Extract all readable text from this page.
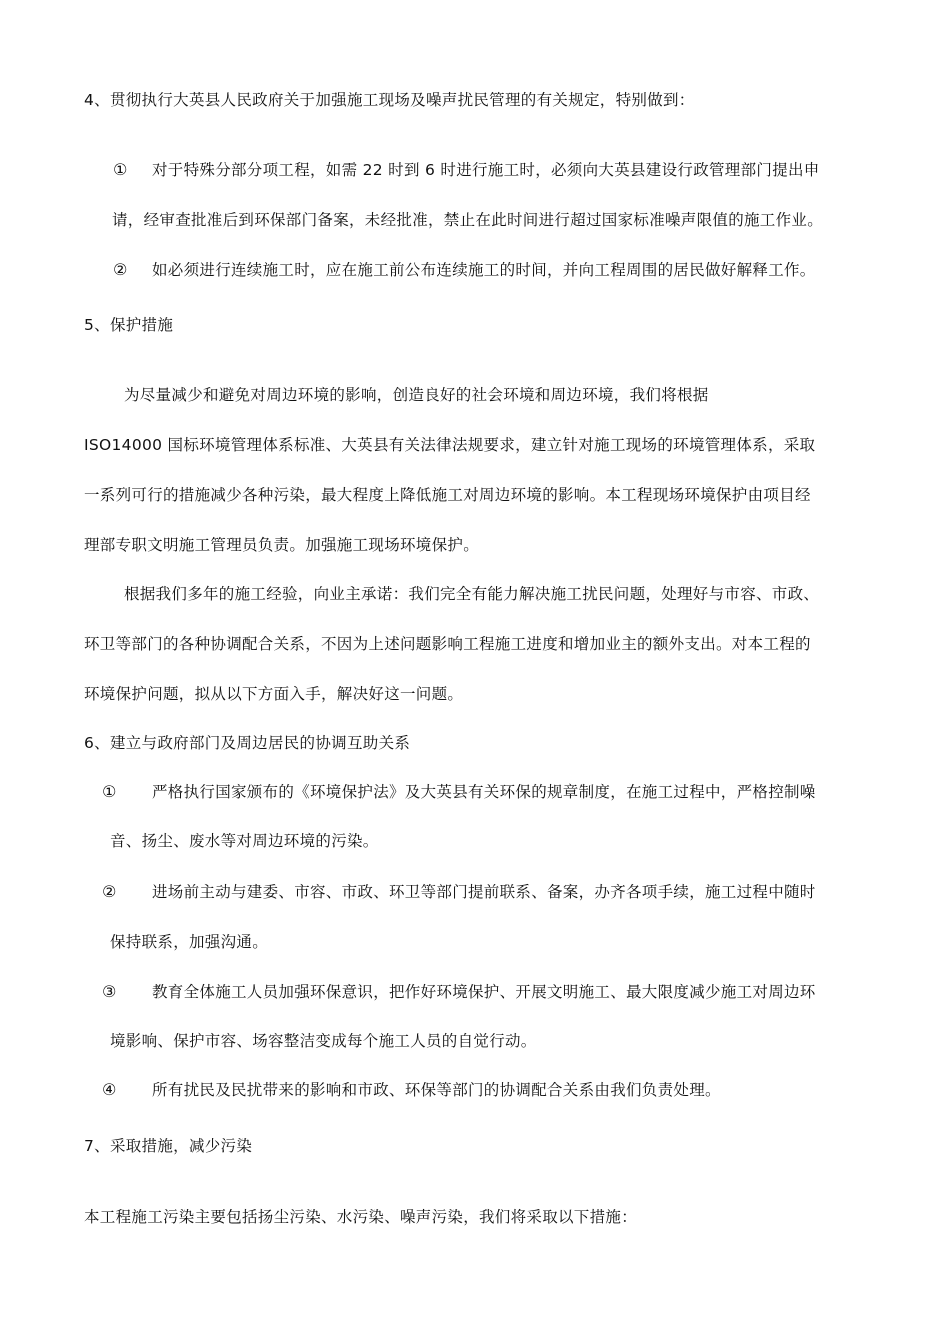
4、贯彻执行大英县人民政府关于加强施工现场及噪声扰民管理的有关规定，特别做到：
① 对于特殊分部分项工程，如需 22 时到 6 时进行施工时，必须向大英县建设行政管理部门提出申
请，经审查批准后到环保部门备案，未经批准，禁止在此时间进行超过国家标准噪声限值的施工作业。
② 如必须进行连续施工时，应在施工前公布连续施工的时间，并向工程周围的居民做好解释工作。
5、保护措施
为尽量减少和避免对周边环境的影响，创造良好的社会环境和周边环境，我们将根据
ISO14000 国标环境管理体系标准、大英县有关法律法规要求，建立针对施工现场的环境管理体系，采取
一系列可行的措施减少各种污染，最大程度上降低施工对周边环境的影响。本工程现场环境保护由项目经
理部专职文明施工管理员负责。加强施工现场环境保护。
根据我们多年的施工经验，向业主承诺：我们完全有能力解决施工扰民问题，处理好与市容、市政、
环卫等部门的各种协调配合关系，不因为上述问题影响工程施工进度和增加业主的额外支出。对本工程的
环境保护问题，拟从以下方面入手，解决好这一问题。
6、建立与政府部门及周边居民的协调互助关系
① 严格执行国家颁布的《环境保护法》及大英县有关环保的规章制度，在施工过程中，严格控制噪
音、扬尘、废水等对周边环境的污染。
② 进场前主动与建委、市容、市政、环卫等部门提前联系、备案，办齐各项手续，施工过程中随时
保持联系，加强沟通。
③ 教育全体施工人员加强环保意识，把作好环境保护、开展文明施工、最大限度减少施工对周边环
境影响、保护市容、场容整洁变成每个施工人员的自觉行动。
④ 所有扰民及民扰带来的影响和市政、环保等部门的协调配合关系由我们负责处理。
7、采取措施，减少污染
本工程施工污染主要包括扬尘污染、水污染、噪声污染，我们将采取以下措施：
